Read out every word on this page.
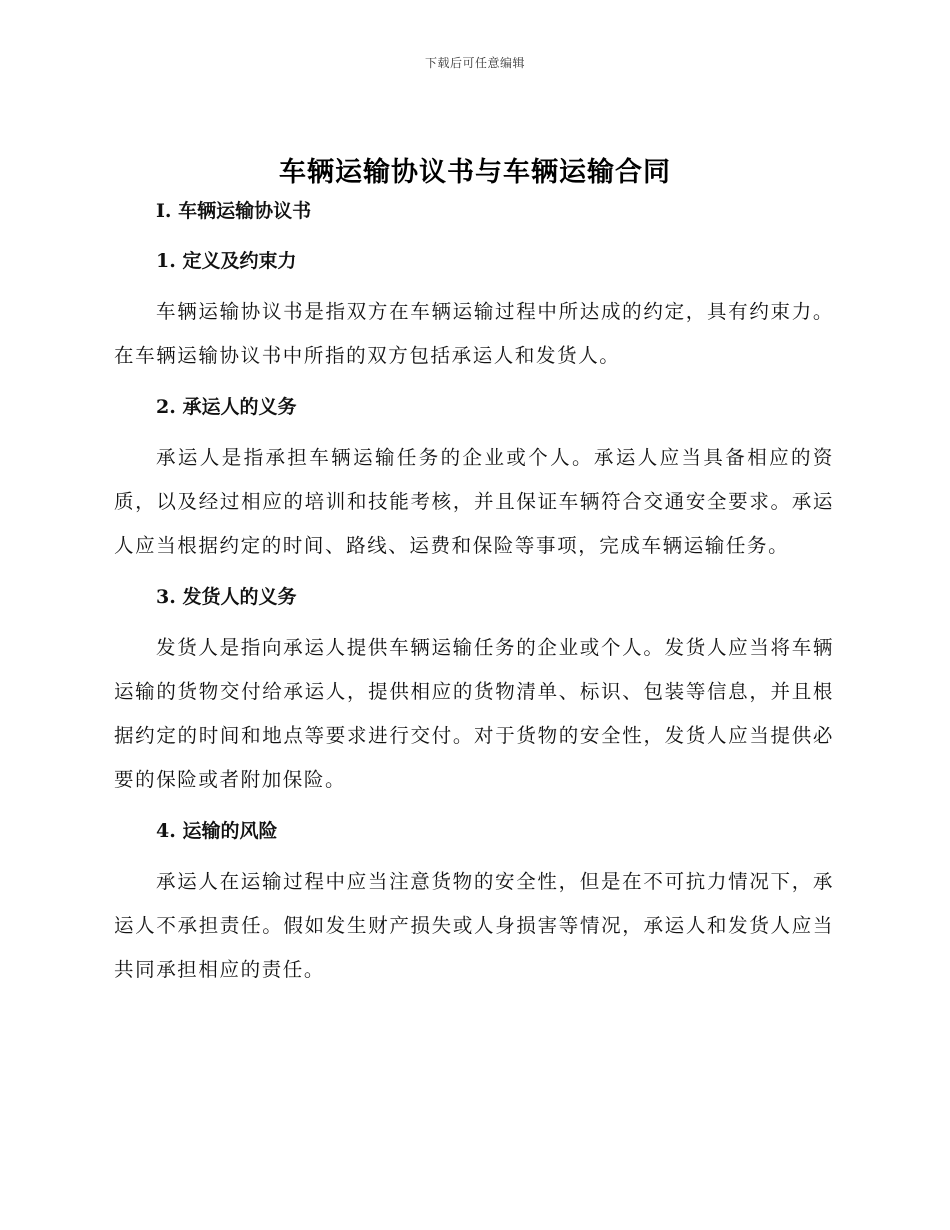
下载后可任意编辑
车辆运输协议书与车辆运输合同
I. 车辆运输协议书
1. 定义及约束力

车辆运输协议书是指双方在车辆运输过程中所达成的约定，具有约束力。在车辆运输协议书中所指的双方包括承运人和发货人。

2. 承运人的义务

承运人是指承担车辆运输任务的企业或个人。承运人应当具备相应的资质，以及经过相应的培训和技能考核，并且保证车辆符合交通安全要求。承运人应当根据约定的时间、路线、运费和保险等事项，完成车辆运输任务。

3. 发货人的义务

发货人是指向承运人提供车辆运输任务的企业或个人。发货人应当将车辆运输的货物交付给承运人，提供相应的货物清单、标识、包装等信息，并且根据约定的时间和地点等要求进行交付。对于货物的安全性，发货人应当提供必要的保险或者附加保险。

4. 运输的风险

承运人在运输过程中应当注意货物的安全性，但是在不可抗力情况下，承运人不承担责任。假如发生财产损失或人身损害等情况，承运人和发货人应当共同承担相应的责任。
